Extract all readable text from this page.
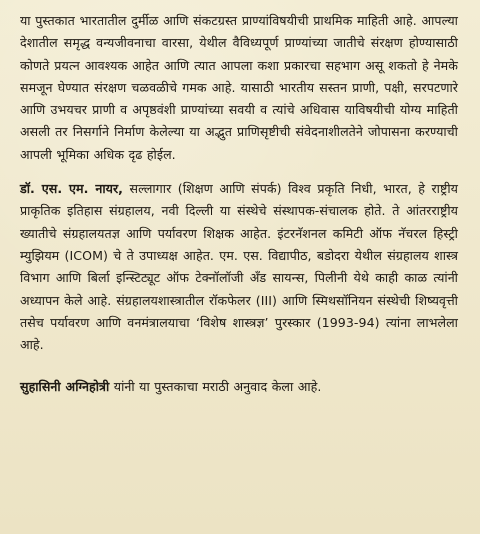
या पुस्तकात भारतातील दुर्मीळ आणि संकटग्रस्त प्राण्यांविषयीची प्राथमिक माहिती आहे. आपल्या देशातील समृद्ध वन्यजीवनाचा वारसा, येथील वैविध्यपूर्ण प्राण्यांच्या जातीचे संरक्षण होण्यासाठी कोणते प्रयत्न आवश्यक आहेत आणि त्यात आपला कशा प्रकारचा सहभाग असू शकतो हे नेमके समजून घेण्यात संरक्षण चळवळीचे गमक आहे. यासाठी भारतीय सस्तन प्राणी, पक्षी, सरपटणारे आणि उभयचर प्राणी व अपृष्ठवंशी प्राण्यांच्या सवयी व त्यांचे अधिवास याविषयीची योग्य माहिती असली तर निसर्गाने निर्माण केलेल्या या अद्भुत प्राणिसृष्टीची संवेदनाशीलतेने जोपासना करण्याची आपली भूमिका अधिक दृढ होईल.

डॉ. एस. एम. नायर, सल्लागार (शिक्षण आणि संपर्क) विश्व प्रकृति निधी, भारत, हे राष्ट्रीय प्राकृतिक इतिहास संग्रहालय, नवी दिल्ली या संस्थेचे संस्थापक-संचालक होते. ते आंतरराष्ट्रीय ख्यातीचे संग्रहालयतज्ञ आणि पर्यावरण शिक्षक आहेत. इंटरनॅशनल कमिटी ऑफ नॅचरल हिस्ट्री म्युझियम (ICOM) चे ते उपाध्यक्ष आहेत. एम. एस. विद्यापीठ, बडोदरा येथील संग्रहालय शास्त्र विभाग आणि बिर्ला इन्स्टिट्यूट ऑफ टेक्नॉलॉजी अँड सायन्स, पिलीनी येथे काही काळ त्यांनी अध्यापन केले आहे. संग्रहालयशास्त्रातील रॉकफेलर (III) आणि स्मिथसॉनियन संस्थेची शिष्यवृत्ती तसेच पर्यावरण आणि वनमंत्रालयाचा ‘विशेष शास्त्रज्ञ’ पुरस्कार (1993-94) त्यांना लाभलेला आहे.

सुहासिनी अग्निहोत्री यांनी या पुस्तकाचा मराठी अनुवाद केला आहे.
